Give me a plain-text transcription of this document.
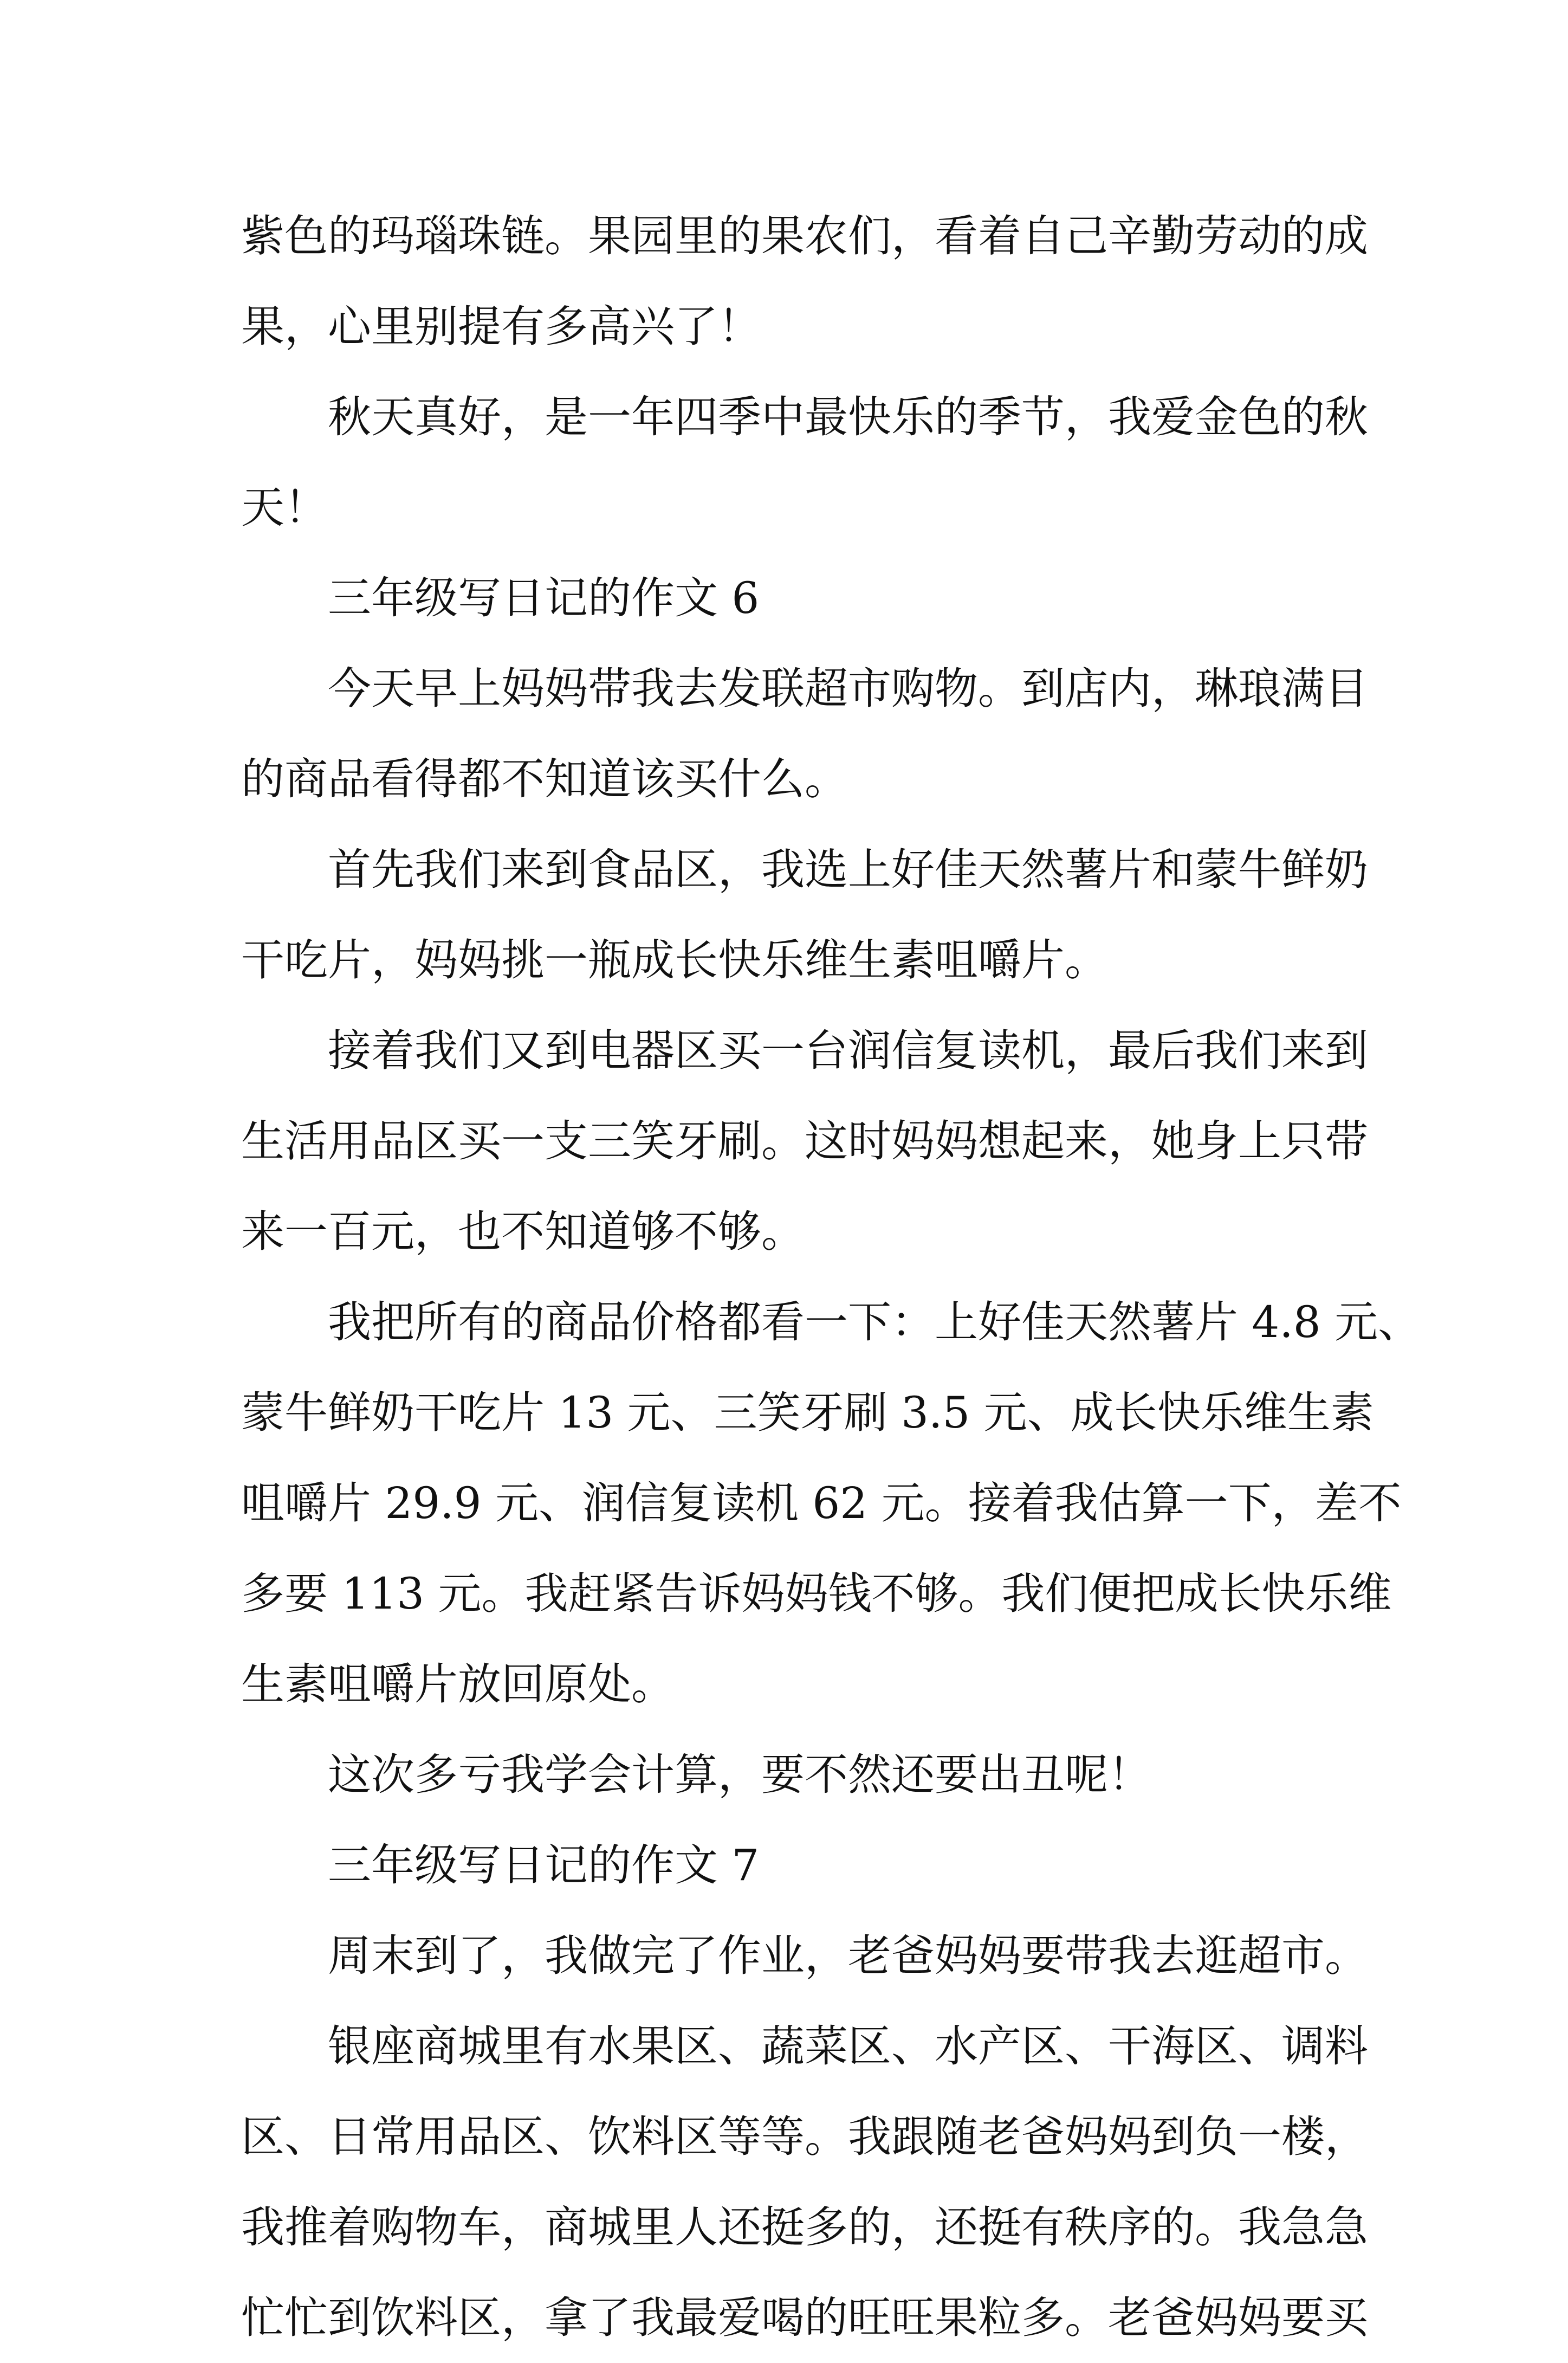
紫色的玛瑙珠链。果园里的果农们，看着自己辛勤劳动的成
果，心里别提有多高兴了！
秋天真好，是一年四季中最快乐的季节，我爱金色的秋
天！
三年级写日记的作文 6
今天早上妈妈带我去发联超市购物。到店内，琳琅满目
的商品看得都不知道该买什么。
首先我们来到食品区，我选上好佳天然薯片和蒙牛鲜奶
干吃片，妈妈挑一瓶成长快乐维生素咀嚼片。
接着我们又到电器区买一台润信复读机，最后我们来到
生活用品区买一支三笑牙刷。这时妈妈想起来，她身上只带
来一百元，也不知道够不够。
我把所有的商品价格都看一下：上好佳天然薯片 4.8 元、
蒙牛鲜奶干吃片 13 元、三笑牙刷 3.5 元、成长快乐维生素
咀嚼片 29.9 元、润信复读机 62 元。接着我估算一下，差不
多要 113 元。我赶紧告诉妈妈钱不够。我们便把成长快乐维
生素咀嚼片放回原处。
这次多亏我学会计算，要不然还要出丑呢！
三年级写日记的作文 7
周末到了，我做完了作业，老爸妈妈要带我去逛超市。
银座商城里有水果区、蔬菜区、水产区、干海区、调料
区、日常用品区、饮料区等等。我跟随老爸妈妈到负一楼，
我推着购物车，商城里人还挺多的，还挺有秩序的。我急急
忙忙到饮料区，拿了我最爱喝的旺旺果粒多。老爸妈妈要买
